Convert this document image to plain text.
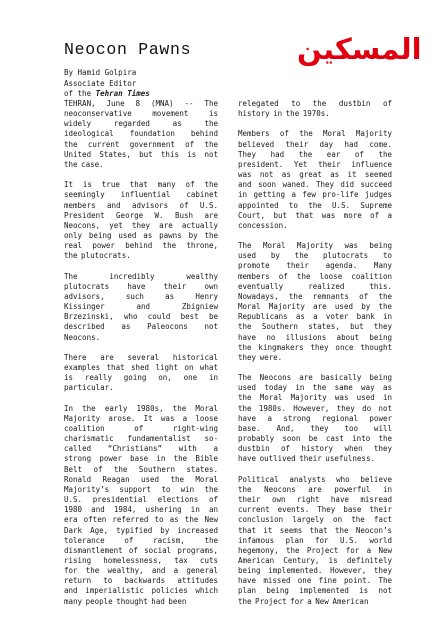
Neocon Pawns	المسكين
By Hamid Golpira
Associate Editor
of the Tehran Times

TEHRAN, June 8 (MNA) -- The
neoconservative movement is
widely regarded as the
ideological foundation behind
the current government of the
United States, but this is not
the case.

It is true that many of the
seemingly influential cabinet
members and advisors of U.S.
President George W. Bush are
Neocons, yet they are actually
only being used as pawns by the
real power behind the throne,
the plutocrats.

The incredibly wealthy
plutocrats have their own
advisors, such as Henry
Kissinger and Zbigniew
Brzezinski, who could best be
described as Paleocons not
Neocons.

There are several historical
examples that shed light on what
is really going on, one in
particular.

In the early 1980s, the Moral
Majority arose. It was a loose
coalition of right-wing
charismatic fundamentalist so-
called “Christians” with a
strong power base in the Bible
Belt of the Southern states.
Ronald Reagan used the Moral
Majority’s support to win the
U.S. presidential elections of
1980 and 1984, ushering in an
era often referred to as the New
Dark Age, typified by increased
tolerance of racism, the
dismantlement of social programs,
rising homelessness, tax cuts
for the wealthy, and a general
return to backwards attitudes
and imperialistic policies which
many people thought had been

relegated to the dustbin of
history in the 1970s.

Members of the Moral Majority
believed their day had come.
They had the ear of the
president. Yet their influence
was not as great as it seemed
and soon waned. They did succeed
in getting a few pro-life judges
appointed to the U.S. Supreme
Court, but that was more of a
concession.

The Moral Majority was being
used by the plutocrats to
promote their agenda. Many
members of the loose coalition
eventually realized this.
Nowadays, the remnants of the
Moral Majority are used by the
Republicans as a voter bank in
the Southern states, but they
have no illusions about being
the kingmakers they once thought
they were.

The Neocons are basically being
used today in the same way as
the Moral Majority was used in
the 1980s. However, they do not
have a strong regional power
base. And, they too will
probably soon be cast into the
dustbin of history when they
have outlived their usefulness.

Political analysts who believe
the Neocons are powerful in
their own right have misread
current events. They base their
conclusion largely on the fact
that it seems that the Neocon’s
infamous plan for U.S. world
hegemony, the Project for a New
American Century, is definitely
being implemented. However, they
have missed one fine point. The
plan being implemented is not
the Project for a New American
